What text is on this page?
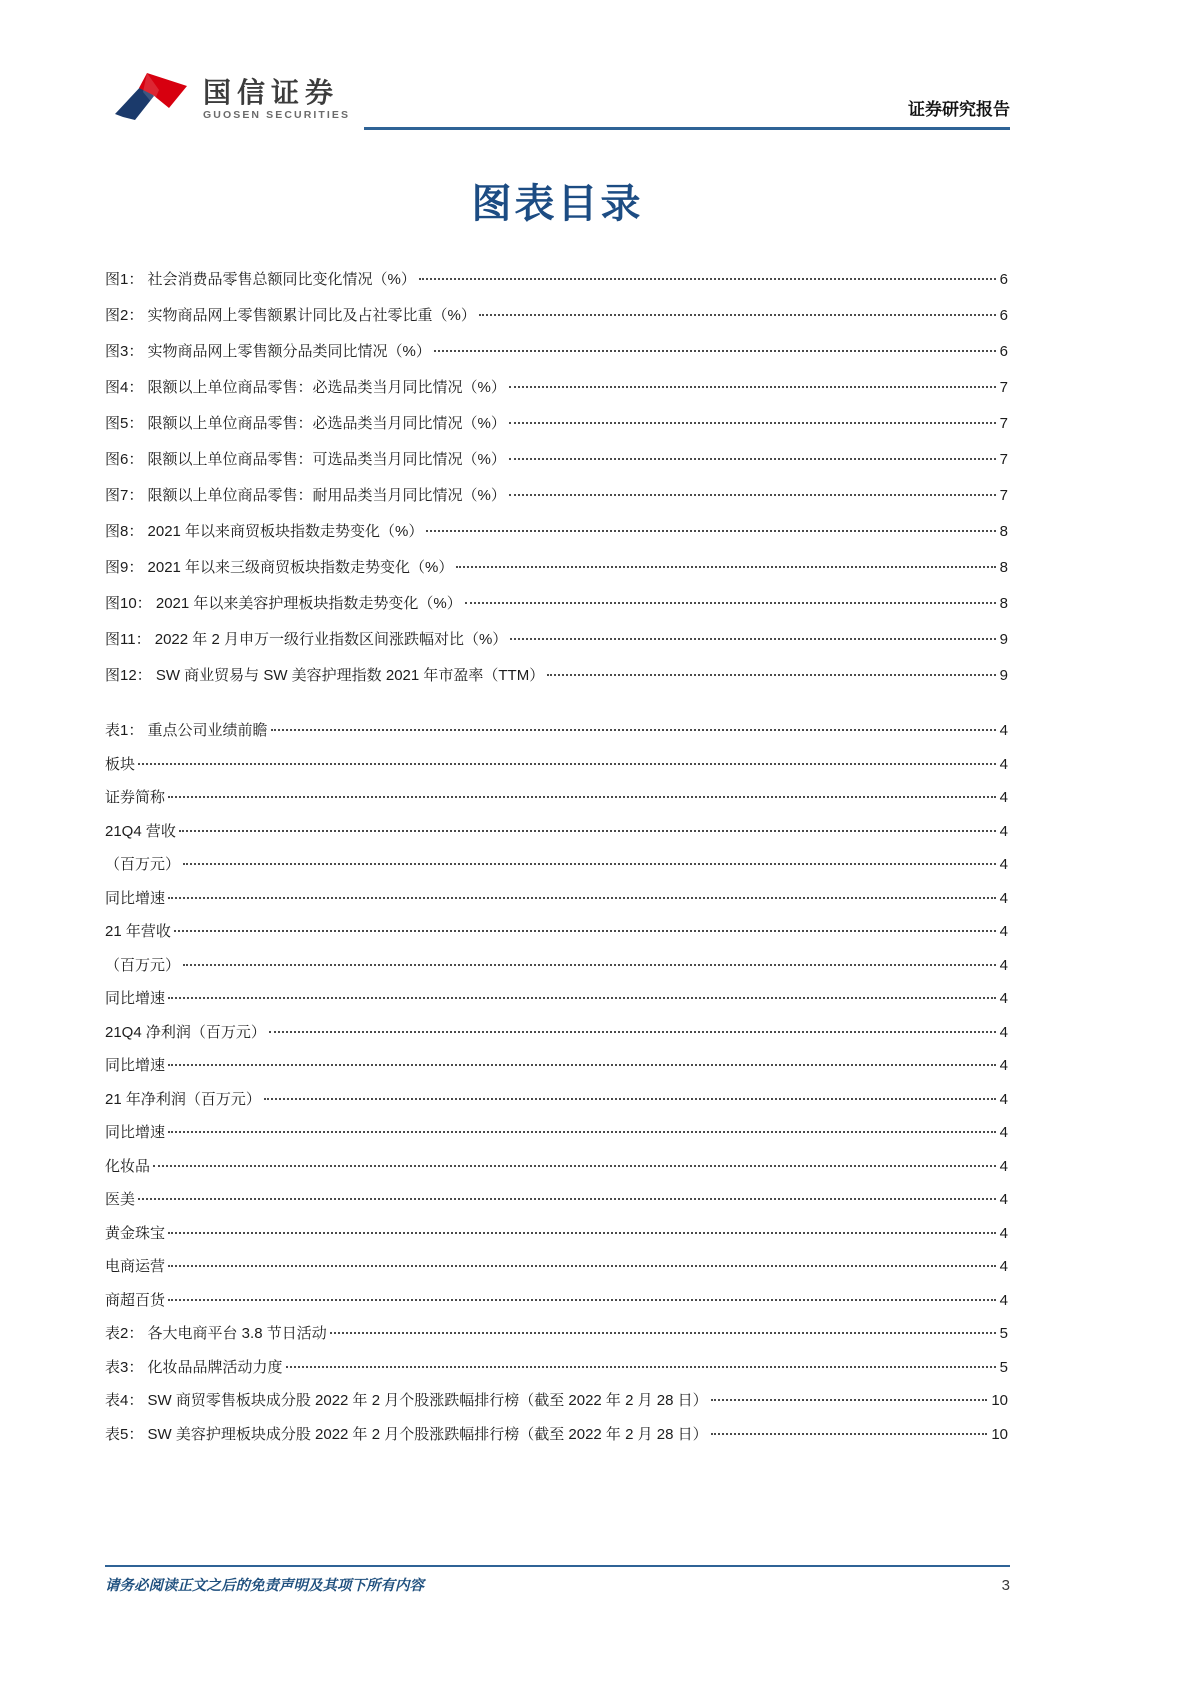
国信证券
GUOSEN SECURITIES	证券研究报告
图表目录
图1： 社会消费品零售总额同比变化情况（%）	6
图2： 实物商品网上零售额累计同比及占社零比重（%）	6
图3： 实物商品网上零售额分品类同比情况（%）	6
图4： 限额以上单位商品零售：必选品类当月同比情况（%）	7
图5： 限额以上单位商品零售：必选品类当月同比情况（%）	7
图6： 限额以上单位商品零售：可选品类当月同比情况（%）	7
图7： 限额以上单位商品零售：耐用品类当月同比情况（%）	7
图8： 2021 年以来商贸板块指数走势变化（%）	8
图9： 2021 年以来三级商贸板块指数走势变化（%）	8
图10： 2021 年以来美容护理板块指数走势变化（%）	8
图11： 2022 年 2 月申万一级行业指数区间涨跌幅对比（%）	9
图12： SW 商业贸易与 SW 美容护理指数 2021 年市盈率（TTM）	9
表1： 重点公司业绩前瞻	4
板块	4
证券简称	4
21Q4 营收	4
（百万元）	4
同比增速	4
21 年营收	4
（百万元）	4
同比增速	4
21Q4 净利润（百万元）	4
同比增速	4
21 年净利润（百万元）	4
同比增速	4
化妆品	4
医美	4
黄金珠宝	4
电商运营	4
商超百货	4
表2： 各大电商平台 3.8 节日活动	5
表3： 化妆品品牌活动力度	5
表4： SW 商贸零售板块成分股 2022 年 2 月个股涨跌幅排行榜（截至 2022 年 2 月 28 日）	10
表5： SW 美容护理板块成分股 2022 年 2 月个股涨跌幅排行榜（截至 2022 年 2 月 28 日）	10
请务必阅读正文之后的免责声明及其项下所有内容	3
